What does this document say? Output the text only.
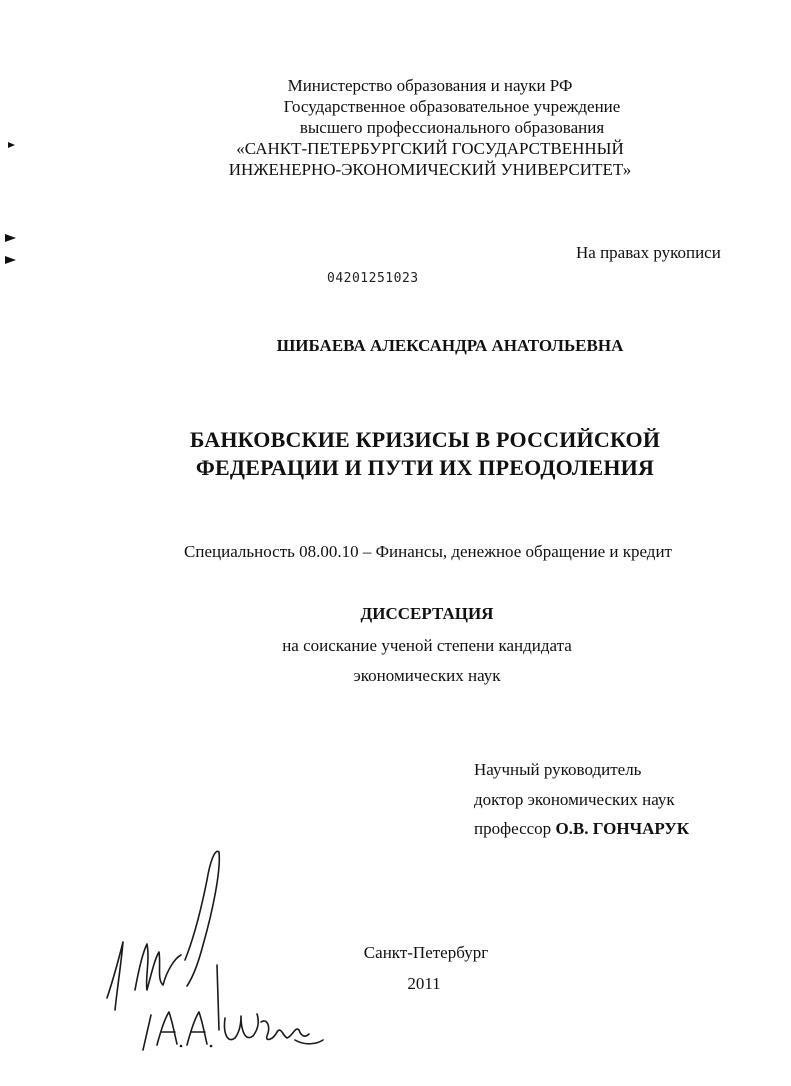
Министерство образования и науки РФ
Государственное образовательное учреждение
высшего профессионального образования
«САНКТ-ПЕТЕРБУРГСКИЙ ГОСУДАРСТВЕННЫЙ
ИНЖЕНЕРНО-ЭКОНОМИЧЕСКИЙ УНИВЕРСИТЕТ»
На правах рукописи
04201251023
ШИБАЕВА АЛЕКСАНДРА АНАТОЛЬЕВНА
БАНКОВСКИЕ КРИЗИСЫ В РОССИЙСКОЙ
ФЕДЕРАЦИИ И ПУТИ ИХ ПРЕОДОЛЕНИЯ
Специальность 08.00.10 – Финансы, денежное обращение и кредит
ДИССЕРТАЦИЯ
на соискание ученой степени кандидата
экономических наук
Научный руководитель
доктор экономических наук
профессор О.В. ГОНЧАРУК
Санкт-Петербург
2011
